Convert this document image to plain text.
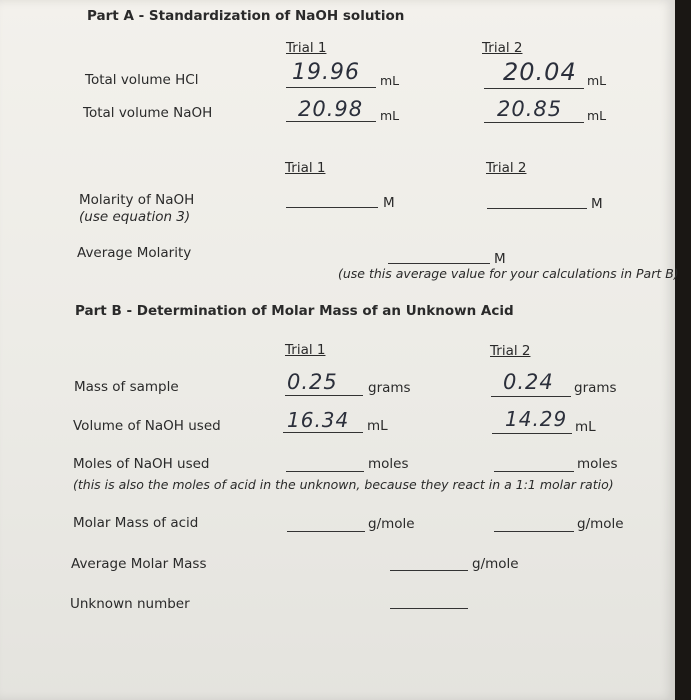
Part A - Standardization of NaOH solution
Trial 1	Trial 2
Total volume HCl	19.96 mL	20.04 mL
Total volume NaOH	20.98 mL	20.85 mL
Trial 1	Trial 2
Molarity of NaOH
(use equation 3)
M	M
Average Molarity	M
(use this average value for your calculations in Part B)
Part B - Determination of Molar Mass of an Unknown Acid
Trial 1	Trial 2
Mass of sample	0.25 grams	0.24 grams
Volume of NaOH used	16.34 mL	14.29 mL
Moles of NaOH used	moles	moles
(this is also the moles of acid in the unknown, because they react in a 1:1 molar ratio)
Molar Mass of acid	g/mole	g/mole
Average Molar Mass	g/mole
Unknown number
